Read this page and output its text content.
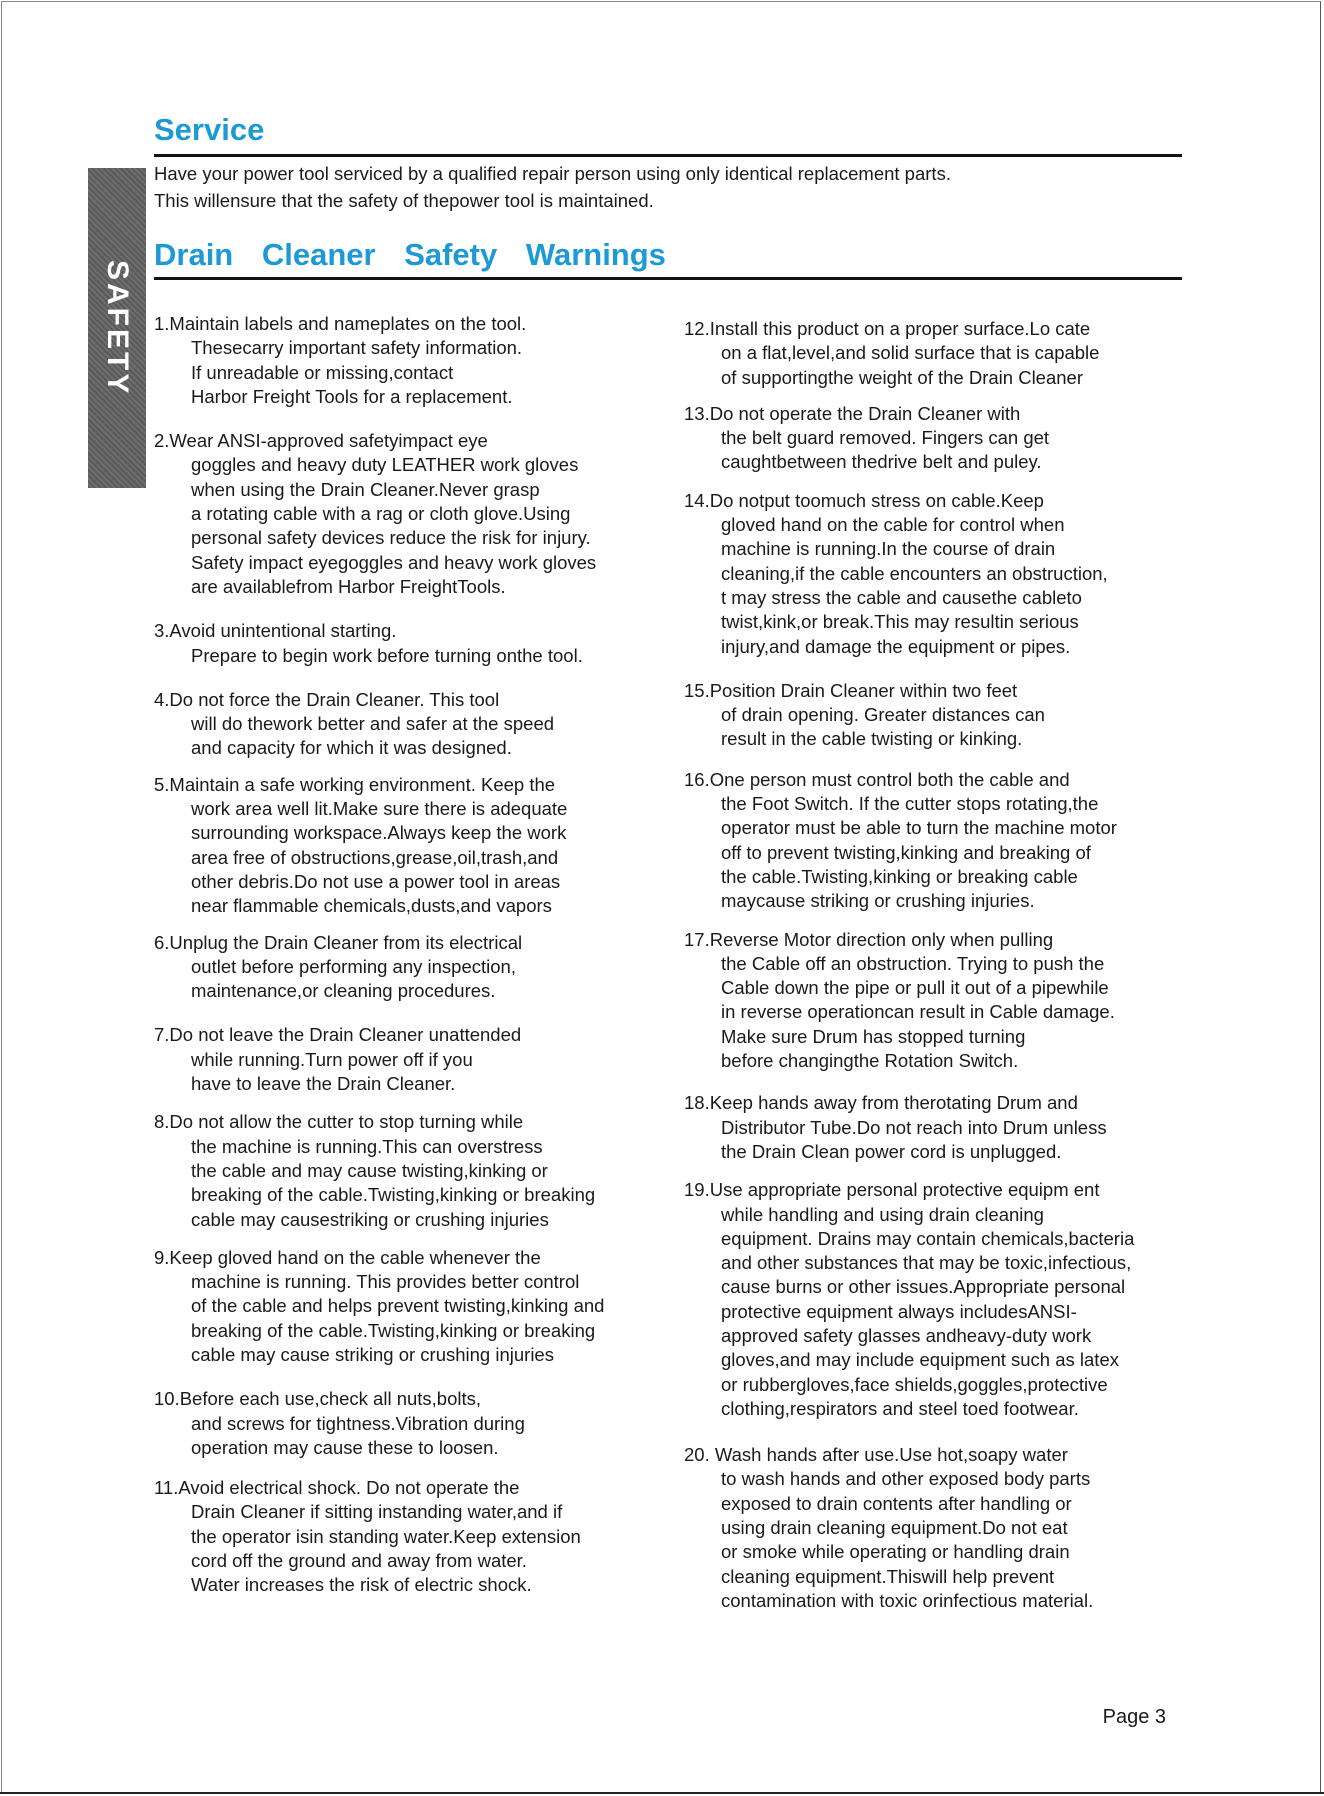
SAFETY
Service

Have your power tool serviced by a qualified repair person using only identical replacement parts.
This willensure that the safety of thepower tool is maintained.

Drain Cleaner Safety Warnings

1.Maintain labels and nameplates on the tool.
Thesecarry important safety information.
If unreadable or missing,contact
Harbor Freight Tools for a replacement.

2.Wear ANSI-approved safetyimpact eye
goggles and heavy duty LEATHER work gloves
when using the Drain Cleaner.Never grasp
a rotating cable with a rag or cloth glove.Using
personal safety devices reduce the risk for injury.
Safety impact eyegoggles and heavy work gloves
are availablefrom Harbor FreightTools.

3.Avoid unintentional starting.
Prepare to begin work before turning onthe tool.

4.Do not force the Drain Cleaner. This tool
will do thework better and safer at the speed
and capacity for which it was designed.

5.Maintain a safe working environment. Keep the
work area well lit.Make sure there is adequate
surrounding workspace.Always keep the work
area free of obstructions,grease,oil,trash,and
other debris.Do not use a power tool in areas
near flammable chemicals,dusts,and vapors

6.Unplug the Drain Cleaner from its electrical
outlet before performing any inspection,
maintenance,or cleaning procedures.

7.Do not leave the Drain Cleaner unattended
while running.Turn power off if you
have to leave the Drain Cleaner.

8.Do not allow the cutter to stop turning while
the machine is running.This can overstress
the cable and may cause twisting,kinking or
breaking of the cable.Twisting,kinking or breaking
cable may causestriking or crushing injuries

9.Keep gloved hand on the cable whenever the
machine is running. This provides better control
of the cable and helps prevent twisting,kinking and
breaking of the cable.Twisting,kinking or breaking
cable may cause striking or crushing injuries

10.Before each use,check all nuts,bolts,
and screws for tightness.Vibration during
operation may cause these to loosen.

11.Avoid electrical shock. Do not operate the
Drain Cleaner if sitting instanding water,and if
the operator isin standing water.Keep extension
cord off the ground and away from water.
Water increases the risk of electric shock.

12.Install this product on a proper surface.Lo cate
on a flat,level,and solid surface that is capable
of supportingthe weight of the Drain Cleaner

13.Do not operate the Drain Cleaner with
the belt guard removed. Fingers can get
caughtbetween thedrive belt and puley.

14.Do notput toomuch stress on cable.Keep
gloved hand on the cable for control when
machine is running.In the course of drain
cleaning,if the cable encounters an obstruction,
t may stress the cable and causethe cableto
twist,kink,or break.This may resultin serious
injury,and damage the equipment or pipes.

15.Position Drain Cleaner within two feet
of drain opening. Greater distances can
result in the cable twisting or kinking.

16.One person must control both the cable and
the Foot Switch. If the cutter stops rotating,the
operator must be able to turn the machine motor
off to prevent twisting,kinking and breaking of
the cable.Twisting,kinking or breaking cable
maycause striking or crushing injuries.

17.Reverse Motor direction only when pulling
the Cable off an obstruction. Trying to push the
Cable down the pipe or pull it out of a pipewhile
in reverse operationcan result in Cable damage.
Make sure Drum has stopped turning
before changingthe Rotation Switch.

18.Keep hands away from therotating Drum and
Distributor Tube.Do not reach into Drum unless
the Drain Clean power cord is unplugged.

19.Use appropriate personal protective equipm ent
while handling and using drain cleaning
equipment. Drains may contain chemicals,bacteria
and other substances that may be toxic,infectious,
cause burns or other issues.Appropriate personal
protective equipment always includesANSI-
approved safety glasses andheavy-duty work
gloves,and may include equipment such as latex
or rubbergloves,face shields,goggles,protective
clothing,respirators and steel toed footwear.

20. Wash hands after use.Use hot,soapy water
to wash hands and other exposed body parts
exposed to drain contents after handling or
using drain cleaning equipment.Do not eat
or smoke while operating or handling drain
cleaning equipment.Thiswill help prevent
contamination with toxic orinfectious material.

Page 3
